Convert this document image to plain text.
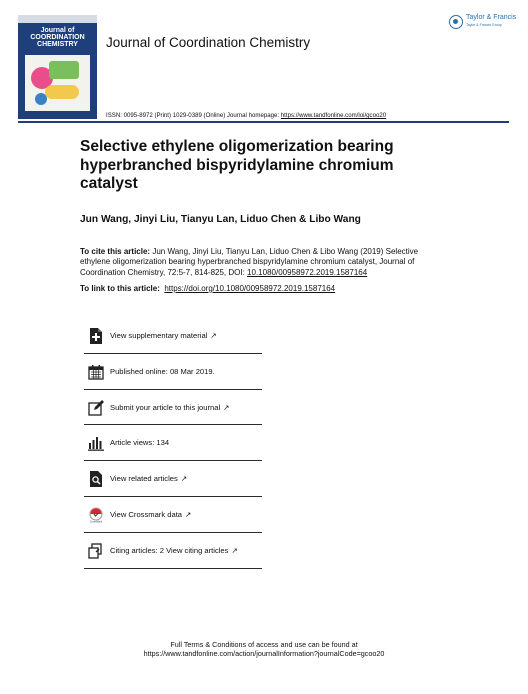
Journal of
COORDINATION
CHEMISTRY	Journal of Coordination Chemistry
Taylor & Francis
Taylor & Francis Group
ISSN: 0095-8972 (Print) 1029-0389 (Online) Journal homepage: https://www.tandfonline.com/loi/gcoo20
Selective ethylene oligomerization bearing hyperbranched bispyridylamine chromium catalyst
Jun Wang, Jinyi Liu, Tianyu Lan, Liduo Chen & Libo Wang
To cite this article: Jun Wang, Jinyi Liu, Tianyu Lan, Liduo Chen & Libo Wang (2019) Selective ethylene oligomerization bearing hyperbranched bispyridylamine chromium catalyst, Journal of Coordination Chemistry, 72:5-7, 814-825, DOI: 10.1080/00958972.2019.1587164
To link to this article: https://doi.org/10.1080/00958972.2019.1587164
View supplementary material ↗
Published online: 08 Mar 2019.
Submit your article to this journal ↗
Article views: 134
View related articles ↗
CrossMark
View Crossmark data ↗
Citing articles: 2 View citing articles ↗
Full Terms & Conditions of access and use can be found at
https://www.tandfonline.com/action/journalInformation?journalCode=gcoo20
